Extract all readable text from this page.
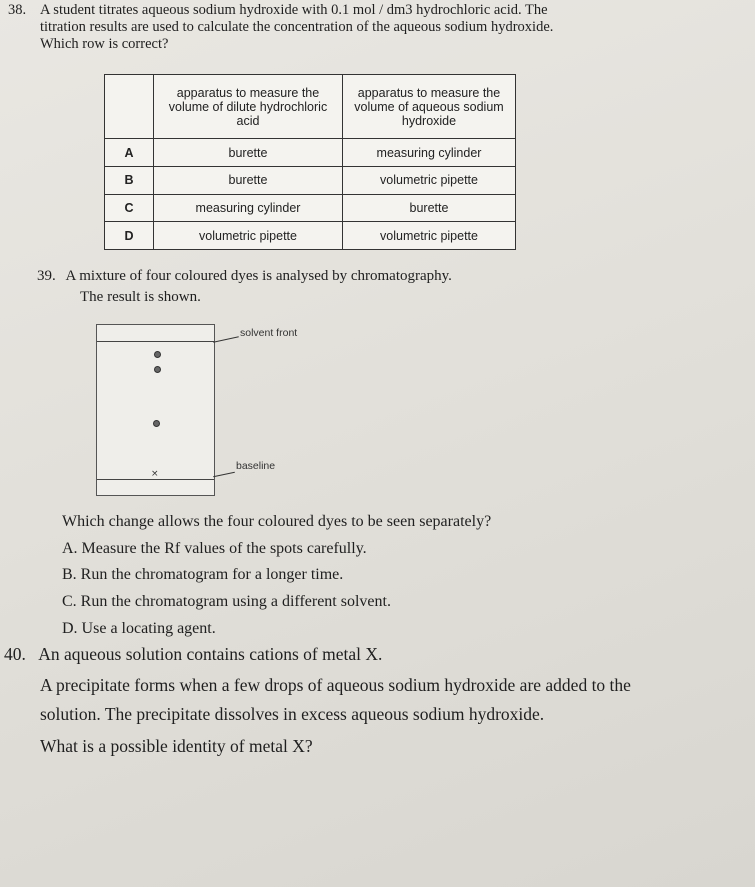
38. A student titrates aqueous sodium hydroxide with 0.1 mol / dm3 hydrochloric acid. The
titration results are used to calculate the concentration of the aqueous sodium hydroxide.
Which row is correct?
	apparatus to measure the volume of dilute hydrochloric acid	apparatus to measure the volume of aqueous sodium hydroxide
A	burette	measuring cylinder
B	burette	volumetric pipette
C	measuring cylinder	burette
D	volumetric pipette	volumetric pipette
39. A mixture of four coloured dyes is analysed by chromatography.
The result is shown.
×
solvent front
baseline
Which change allows the four coloured dyes to be seen separately?
A. Measure the Rf values of the spots carefully.
B. Run the chromatogram for a longer time.
C. Run the chromatogram using a different solvent.
D. Use a locating agent.
40. An aqueous solution contains cations of metal X.
A precipitate forms when a few drops of aqueous sodium hydroxide are added to the
solution. The precipitate dissolves in excess aqueous sodium hydroxide.
What is a possible identity of metal X?
